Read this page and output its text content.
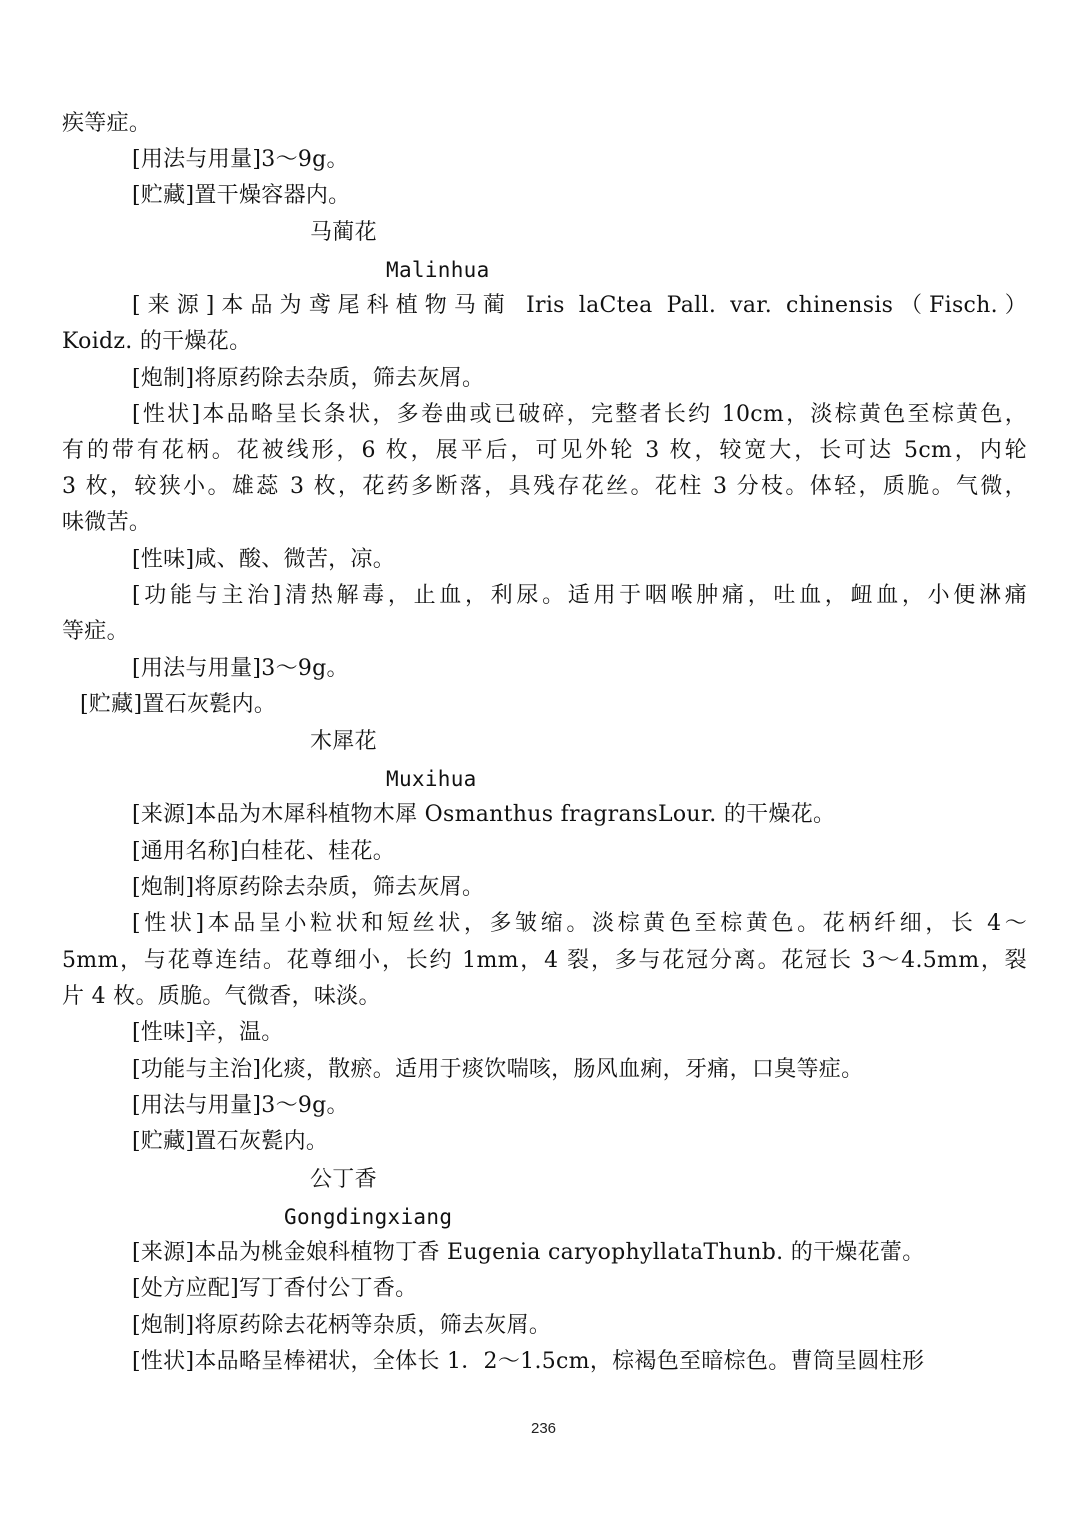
疾等症。
[用法与用量]3～9g。
[贮藏]置干燥容器内。
马蔺花
Malinhua
[来源]本品为鸢尾科植物马蔺 Iris laCtea Pall. var. chinensis（Fisch.）
Koidz. 的干燥花。
[炮制]将原药除去杂质，筛去灰屑。
[性状]本品略呈长条状，多卷曲或已破碎，完整者长约 10cm，淡棕黄色至棕黄色，
有的带有花柄。花被线形，6 枚，展平后，可见外轮 3 枚，较宽大，长可达 5cm，内轮
3 枚，较狭小。雄蕊 3 枚，花药多断落，具残存花丝。花柱 3 分枝。体轻，质脆。气微，
味微苦。
[性味]咸、酸、微苦，凉。
[功能与主治]清热解毒，止血，利尿。适用于咽喉肿痛，吐血，衄血，小便淋痛
等症。
[用法与用量]3～9g。
[贮藏]置石灰甏内。
木犀花
Muxihua
[来源]本品为木犀科植物木犀 Osmanthus fragransLour. 的干燥花。
[通用名称]白桂花、桂花。
[炮制]将原药除去杂质，筛去灰屑。
[性状]本品呈小粒状和短丝状，多皱缩。淡棕黄色至棕黄色。花柄纤细，长 4～
5mm，与花尊连结。花尊细小，长约 1mm，4 裂，多与花冠分离。花冠长 3～4.5mm，裂
片 4 枚。质脆。气微香，味淡。
[性味]辛，温。
[功能与主治]化痰，散瘀。适用于痰饮喘咳，肠风血痢，牙痛，口臭等症。
[用法与用量]3～9g。
[贮藏]置石灰甏内。
公丁香
Gongdingxiang
[来源]本品为桃金娘科植物丁香 Eugenia caryophyllataThunb. 的干燥花蕾。
[处方应配]写丁香付公丁香。
[炮制]将原药除去花柄等杂质，筛去灰屑。
[性状]本品略呈棒裙状，全体长 1．2～1.5cm，棕褐色至暗棕色。曹筒呈圆柱形
236
